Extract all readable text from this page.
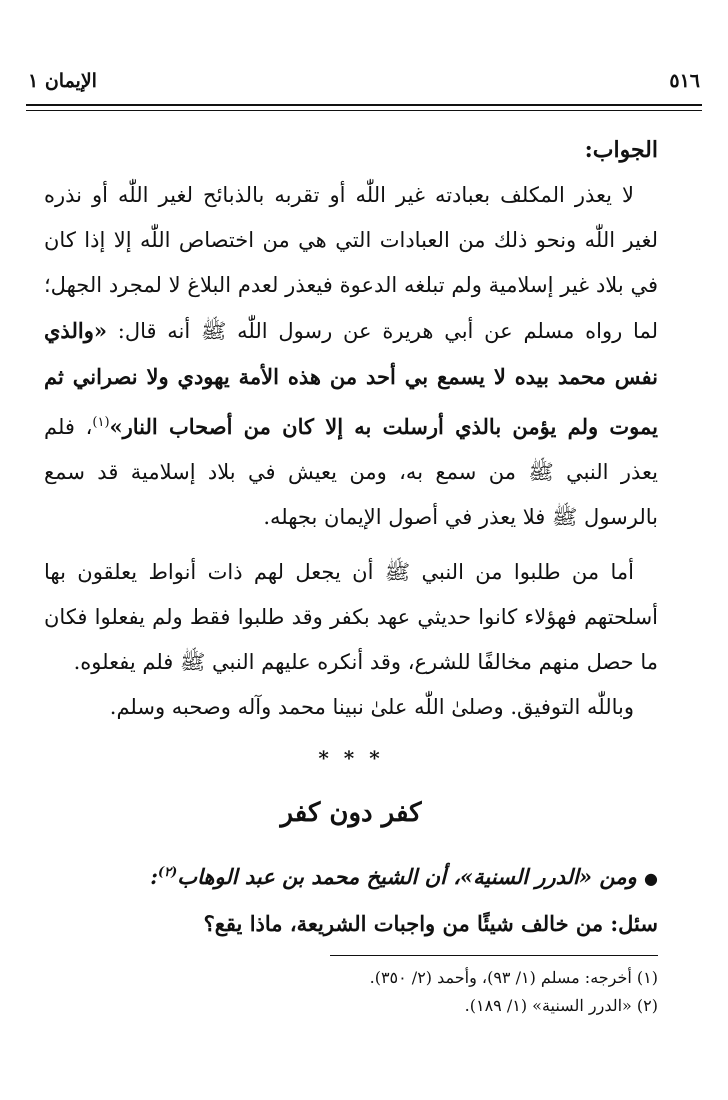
٥١٦
الإيمان ١

الجواب:

لا يعذر المكلف بعبادته غير اللّٰه أو تقربه بالذبائح لغير اللّٰه أو نذره لغير اللّٰه ونحو ذلك من العبادات التي هي من اختصاص اللّٰه إلا إذا كان في بلاد غير إسلامية ولم تبلغه الدعوة فيعذر لعدم البلاغ لا لمجرد الجهل؛ لما رواه مسلم عن أبي هريرة عن رسول اللّٰه ﷺ أنه قال: «والذي نفس محمد بيده لا يسمع بي أحد من هذه الأمة يهودي ولا نصراني ثم يموت ولم يؤمن بالذي أرسلت به إلا كان من أصحاب النار»$^{(١)}$، فلم يعذر النبي ﷺ من سمع به، ومن يعيش في بلاد إسلامية قد سمع بالرسول ﷺ فلا يعذر في أصول الإيمان بجهله.

أما من طلبوا من النبي ﷺ أن يجعل لهم ذات أنواط يعلقون بها أسلحتهم فهؤلاء كانوا حديثي عهد بكفر وقد طلبوا فقط ولم يفعلوا فكان ما حصل منهم مخالفًا للشرع، وقد أنكره عليهم النبي ﷺ فلم يفعلوه.

وباللّٰه التوفيق. وصلىٰ اللّٰه علىٰ نبينا محمد وآله وصحبه وسلم.

* * *

كفر دون كفر

● ومن «الدرر السنية»، أن الشيخ محمد بن عبد الوهاب$^{(٢)}$:

سئل: من خالف شيئًا من واجبات الشريعة، ماذا يقع؟

(١) أخرجه: مسلم (١/ ٩٣)، وأحمد (٢/ ٣٥٠).
(٢) «الدرر السنية» (١/ ١٨٩).
